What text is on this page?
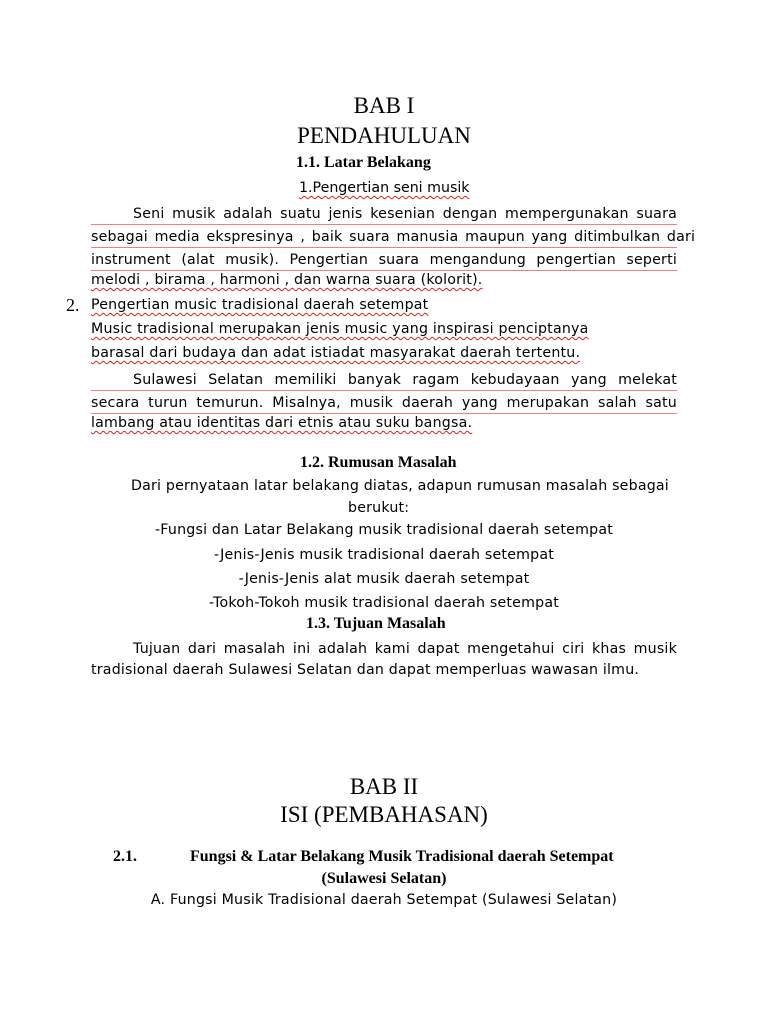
BAB I
PENDAHULUAN
1.1. Latar Belakang
1.Pengertian seni musik
Seni musik adalah suatu jenis kesenian dengan mempergunakan suara
sebagai media ekspresinya , baik suara manusia maupun yang ditimbulkan dari
instrument (alat musik). Pengertian suara mengandung pengertian seperti
melodi , birama , harmoni , dan warna suara (kolorit).
2. Pengertian music tradisional daerah setempat
Music tradisional merupakan jenis music yang inspirasi penciptanya
barasal dari budaya dan adat istiadat masyarakat daerah tertentu.
Sulawesi Selatan memiliki banyak ragam kebudayaan yang melekat
secara turun temurun. Misalnya, musik daerah yang merupakan salah satu
lambang atau identitas dari etnis atau suku bangsa.
1.2. Rumusan Masalah
Dari pernyataan latar belakang diatas, adapun rumusan masalah sebagai
berukut:
-Fungsi dan Latar Belakang musik tradisional daerah setempat
-Jenis-Jenis musik tradisional daerah setempat
-Jenis-Jenis alat musik daerah setempat
-Tokoh-Tokoh musik tradisional daerah setempat
1.3. Tujuan Masalah
Tujuan dari masalah ini adalah kami dapat mengetahui ciri khas musik
tradisional daerah Sulawesi Selatan dan dapat memperluas wawasan ilmu.
BAB II
ISI (PEMBAHASAN)
2.1.	Fungsi & Latar Belakang Musik Tradisional daerah Setempat
(Sulawesi Selatan)
A. Fungsi Musik Tradisional daerah Setempat (Sulawesi Selatan)
